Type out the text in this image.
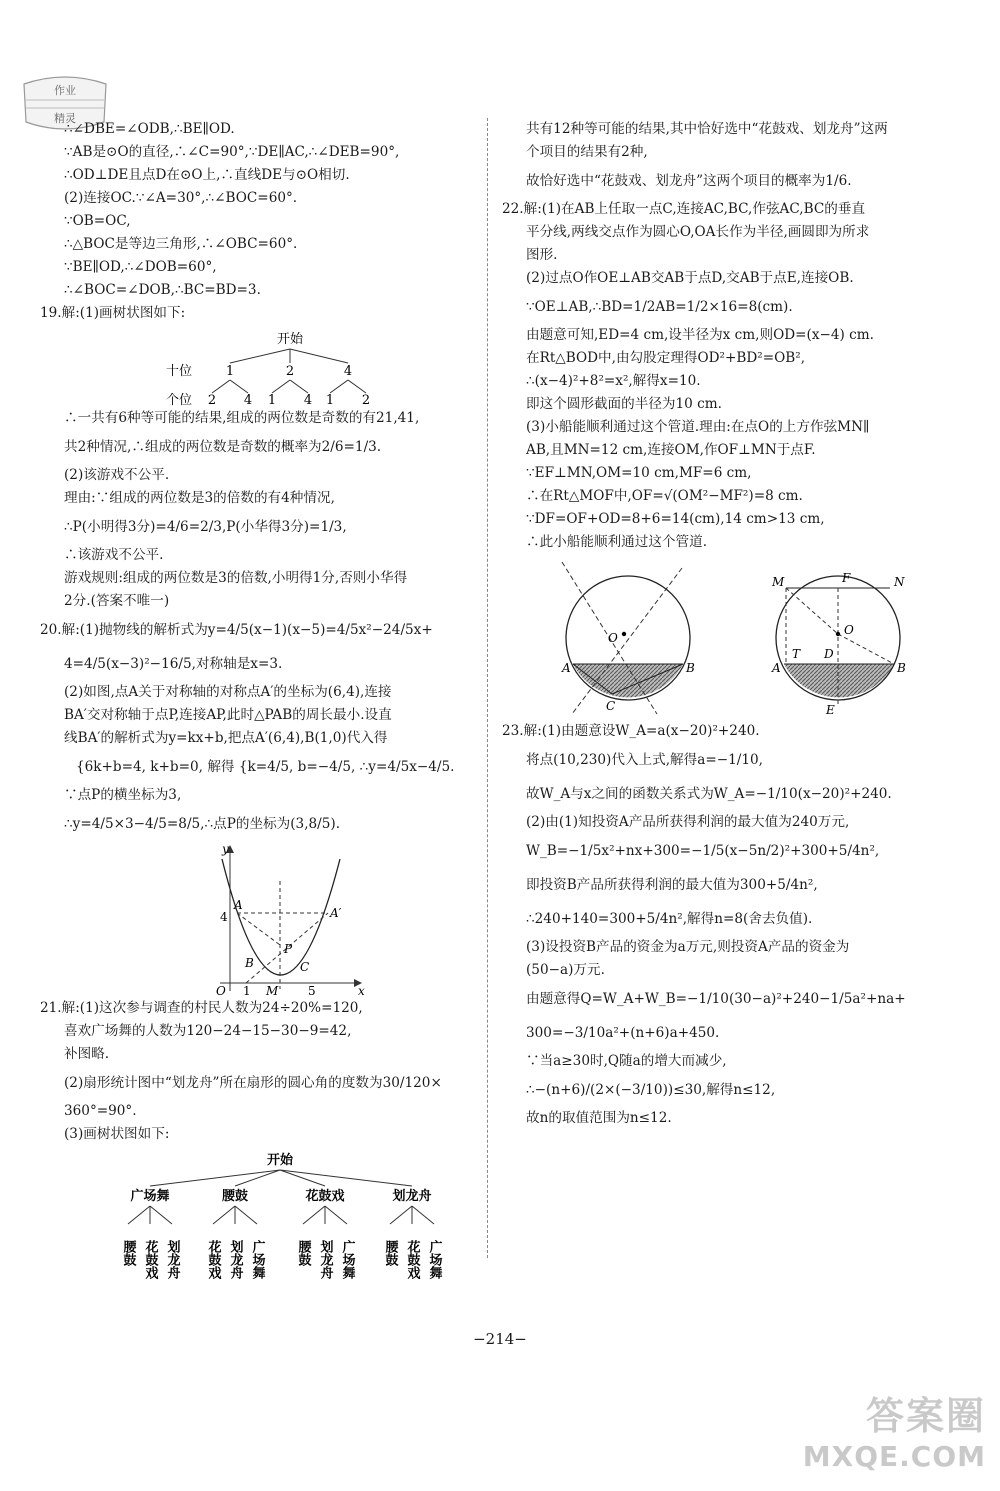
作业
精灵
∴∠DBE=∠ODB,∴BE∥OD.
∵AB是⊙O的直径,∴∠C=90°,∵DE∥AC,∴∠DEB=90°,
∴OD⊥DE且点D在⊙O上,∴直线DE与⊙O相切.
(2)连接OC.∵∠A=30°,∴∠BOC=60°.
∵OB=OC,
∴△BOC是等边三角形,∴∠OBC=60°.
∵BE∥OD,∴∠DOB=60°,
∴∠BOC=∠DOB,∴BC=BD=3.
19.解:(1)画树状图如下:
开始
十位	1	2	4
个位 2 4 1 4 1 2
∴一共有6种等可能的结果,组成的两位数是奇数的有21,41,
共2种情况,∴组成的两位数是奇数的概率为2/6=1/3.
(2)该游戏不公平.
理由:∵组成的两位数是3的倍数的有4种情况,
∴P(小明得3分)=4/6=2/3,P(小华得3分)=1/3,
∴该游戏不公平.
游戏规则:组成的两位数是3的倍数,小明得1分,否则小华得
2分.(答案不唯一)
20.解:(1)抛物线的解析式为y=4/5(x−1)(x−5)=4/5x²−24/5x+
4=4/5(x−3)²−16/5,对称轴是x=3.
(2)如图,点A关于对称轴的对称点A′的坐标为(6,4),连接
BA′交对称轴于点P,连接AP,此时△PAB的周长最小.设直
线BA′的解析式为y=kx+b,把点A′(6,4),B(1,0)代入得
{6k+b=4, k+b=0, 解得 {k=4/5, b=−4/5, ∴y=4/5x−4/5.
∵点P的横坐标为3,
∴y=4/5×3−4/5=8/5,∴点P的坐标为(3,8/5).
y
x
O
4
1	5
A
A′
B	C
M
P
21.解:(1)这次参与调查的村民人数为24÷20%=120,
喜欢广场舞的人数为120−24−15−30−9=42,
补图略.
(2)扇形统计图中“划龙舟”所在扇形的圆心角的度数为30/120×
360°=90°.
(3)画树状图如下:
开始
广场舞	腰鼓	花鼓戏	划龙舟
腰鼓 花鼓戏 划龙舟 花鼓戏 划龙舟 广场舞 腰鼓 划龙舟 广场舞 腰鼓 花鼓戏 广场舞
共有12种等可能的结果,其中恰好选中“花鼓戏、划龙舟”这两
个项目的结果有2种,
故恰好选中“花鼓戏、划龙舟”这两个项目的概率为1/6.
22.解:(1)在AB上任取一点C,连接AC,BC,作弦AC,BC的垂直
平分线,两线交点作为圆心O,OA长作为半径,画圆即为所求
图形.
(2)过点O作OE⊥AB交AB于点D,交AB于点E,连接OB.
∵OE⊥AB,∴BD=1/2AB=1/2×16=8(cm).
由题意可知,ED=4 cm,设半径为x cm,则OD=(x−4) cm.
在Rt△BOD中,由勾股定理得OD²+BD²=OB²,
∴(x−4)²+8²=x²,解得x=10.
即这个圆形截面的半径为10 cm.
(3)小船能顺利通过这个管道.理由:在点O的上方作弦MN∥
AB,且MN=12 cm,连接OM,作OF⊥MN于点F.
∵EF⊥MN,OM=10 cm,MF=6 cm,
∴在Rt△MOF中,OF=√(OM²−MF²)=8 cm.
∵DF=OF+OD=8+6=14(cm),14 cm>13 cm,
∴此小船能顺利通过这个管道.
O
A	B
C
M	F	N
O
T D
A	B
E
23.解:(1)由题意设W_A=a(x−20)²+240.
将点(10,230)代入上式,解得a=−1/10,
故W_A与x之间的函数关系式为W_A=−1/10(x−20)²+240.
(2)由(1)知投资A产品所获得利润的最大值为240万元,
W_B=−1/5x²+nx+300=−1/5(x−5n/2)²+300+5/4n²,
即投资B产品所获得利润的最大值为300+5/4n²,
∴240+140=300+5/4n²,解得n=8(舍去负值).
(3)设投资B产品的资金为a万元,则投资A产品的资金为
(50−a)万元.
由题意得Q=W_A+W_B=−1/10(30−a)²+240−1/5a²+na+
300=−3/10a²+(n+6)a+450.
∵当a≥30时,Q随a的增大而减少,
∴−(n+6)/(2×(−3/10))≤30,解得n≤12,
故n的取值范围为n≤12.
−214−
答案圈
MXQE.COM
